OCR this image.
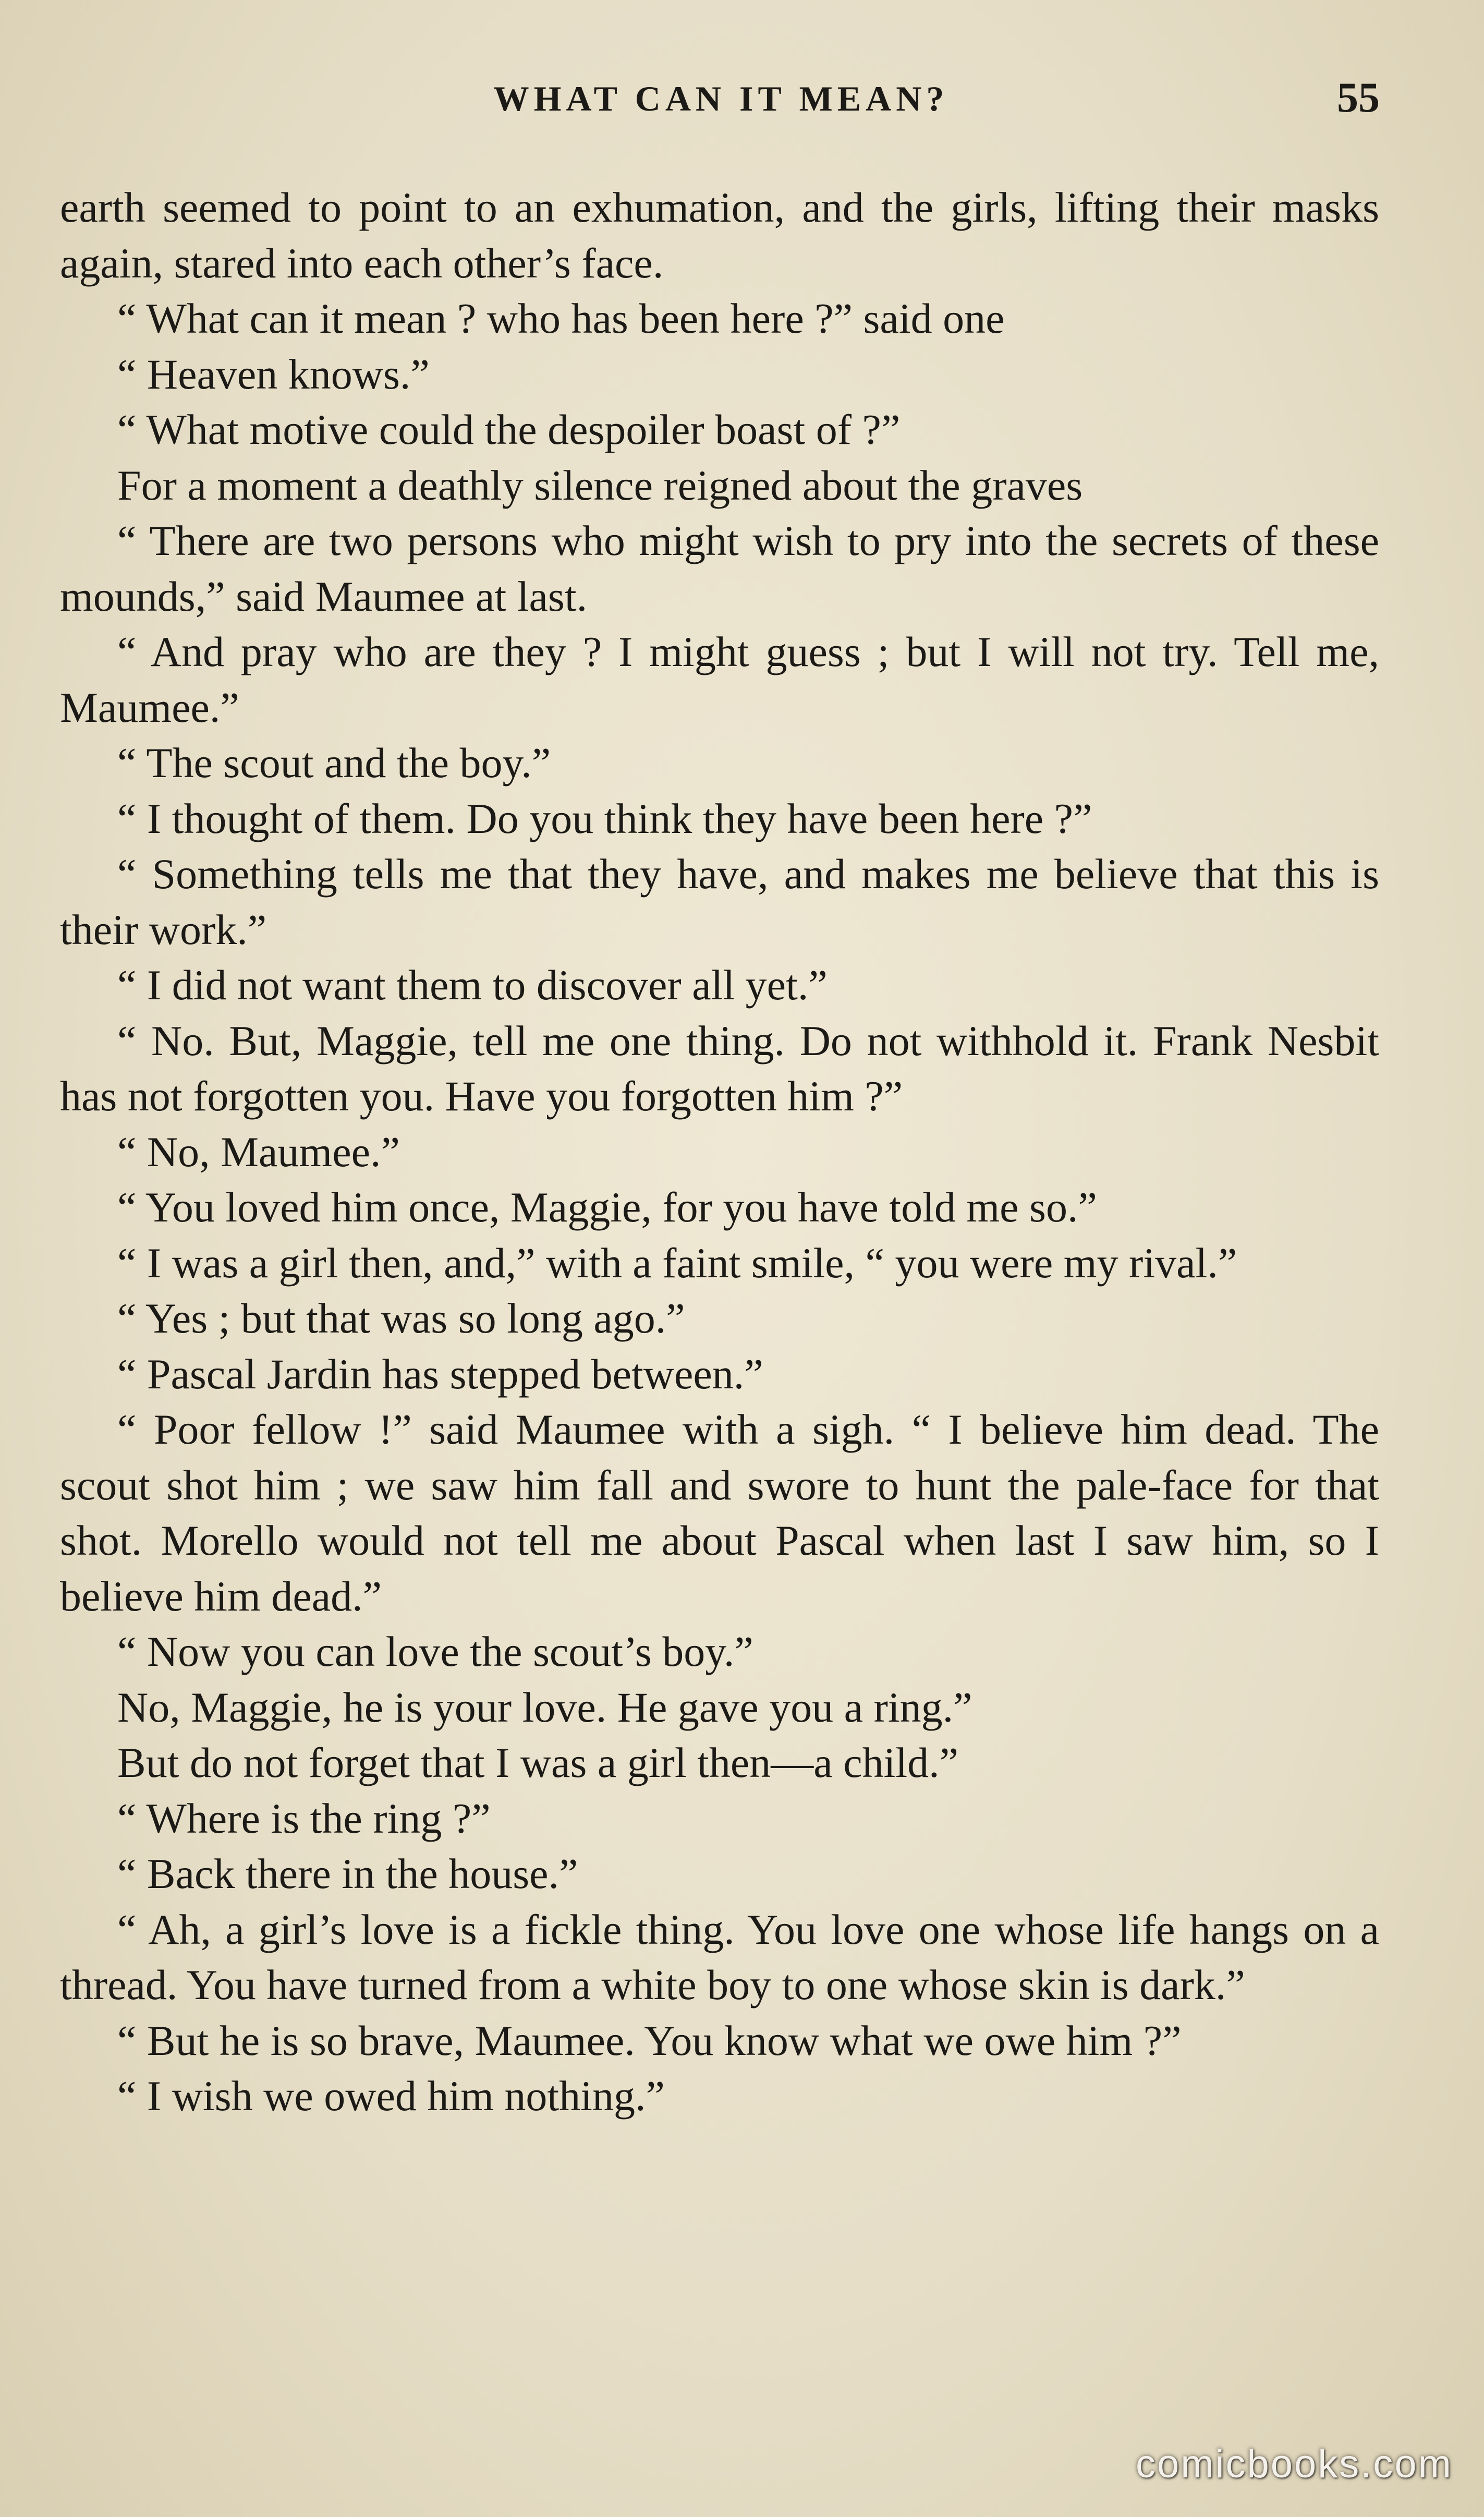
WHAT CAN IT MEAN?	55

earth seemed to point to an exhumation, and the girls, lifting their masks again, stared into each other’s face.

“ What can it mean ? who has been here ?” said one

“ Heaven knows.”

“ What motive could the despoiler boast of ?”

For a moment a deathly silence reigned about the graves

“ There are two persons who might wish to pry into the secrets of these mounds,” said Maumee at last.

“ And pray who are they ? I might guess ; but I will not try. Tell me, Maumee.”

“ The scout and the boy.”

“ I thought of them. Do you think they have been here ?”

“ Something tells me that they have, and makes me believe that this is their work.”

“ I did not want them to discover all yet.”

“ No. But, Maggie, tell me one thing. Do not withhold it. Frank Nesbit has not forgotten you. Have you forgotten him ?”

“ No, Maumee.”

“ You loved him once, Maggie, for you have told me so.”

“ I was a girl then, and,” with a faint smile, “ you were my rival.”

“ Yes ; but that was so long ago.”

“ Pascal Jardin has stepped between.”

“ Poor fellow !” said Maumee with a sigh. “ I believe him dead. The scout shot him ; we saw him fall and swore to hunt the pale-face for that shot. Morello would not tell me about Pascal when last I saw him, so I believe him dead.”

“ Now you can love the scout’s boy.”

No, Maggie, he is your love. He gave you a ring.”

But do not forget that I was a girl then—a child.”

“ Where is the ring ?”

“ Back there in the house.”

“ Ah, a girl’s love is a fickle thing. You love one whose life hangs on a thread. You have turned from a white boy to one whose skin is dark.”

“ But he is so brave, Maumee. You know what we owe him ?”

“ I wish we owed him nothing.”

comicbooks.com
